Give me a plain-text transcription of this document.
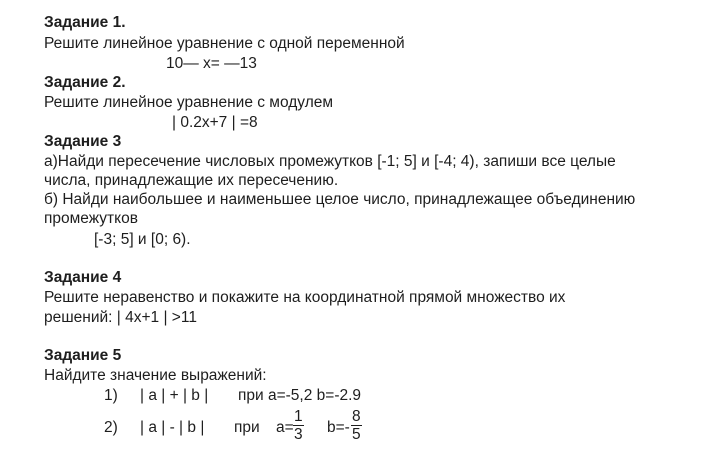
Задание 1.
Решите линейное уравнение с одной переменной
10— x= —13
Задание 2.
Решите линейное уравнение с модулем
| 0.2x+7 | =8
Задание 3
а)Найди пересечение числовых промежутков [-1; 5] и [-4; 4), запиши все целые
числа, принадлежащие их пересечению.
б) Найди наибольшее и наименьшее целое число, принадлежащее объединению
промежутков
[-3; 5] и [0; 6).
Задание 4
Решите неравенство и покажите на координатной прямой множество их
решений: | 4x+1 | >11
Задание 5
Найдите значение выражений:
1) | a | + | b | при а=-5,2 b=-2.9
2) | a | - | b | при $a= \frac{1}{3} b=- \frac{8}{5}$
